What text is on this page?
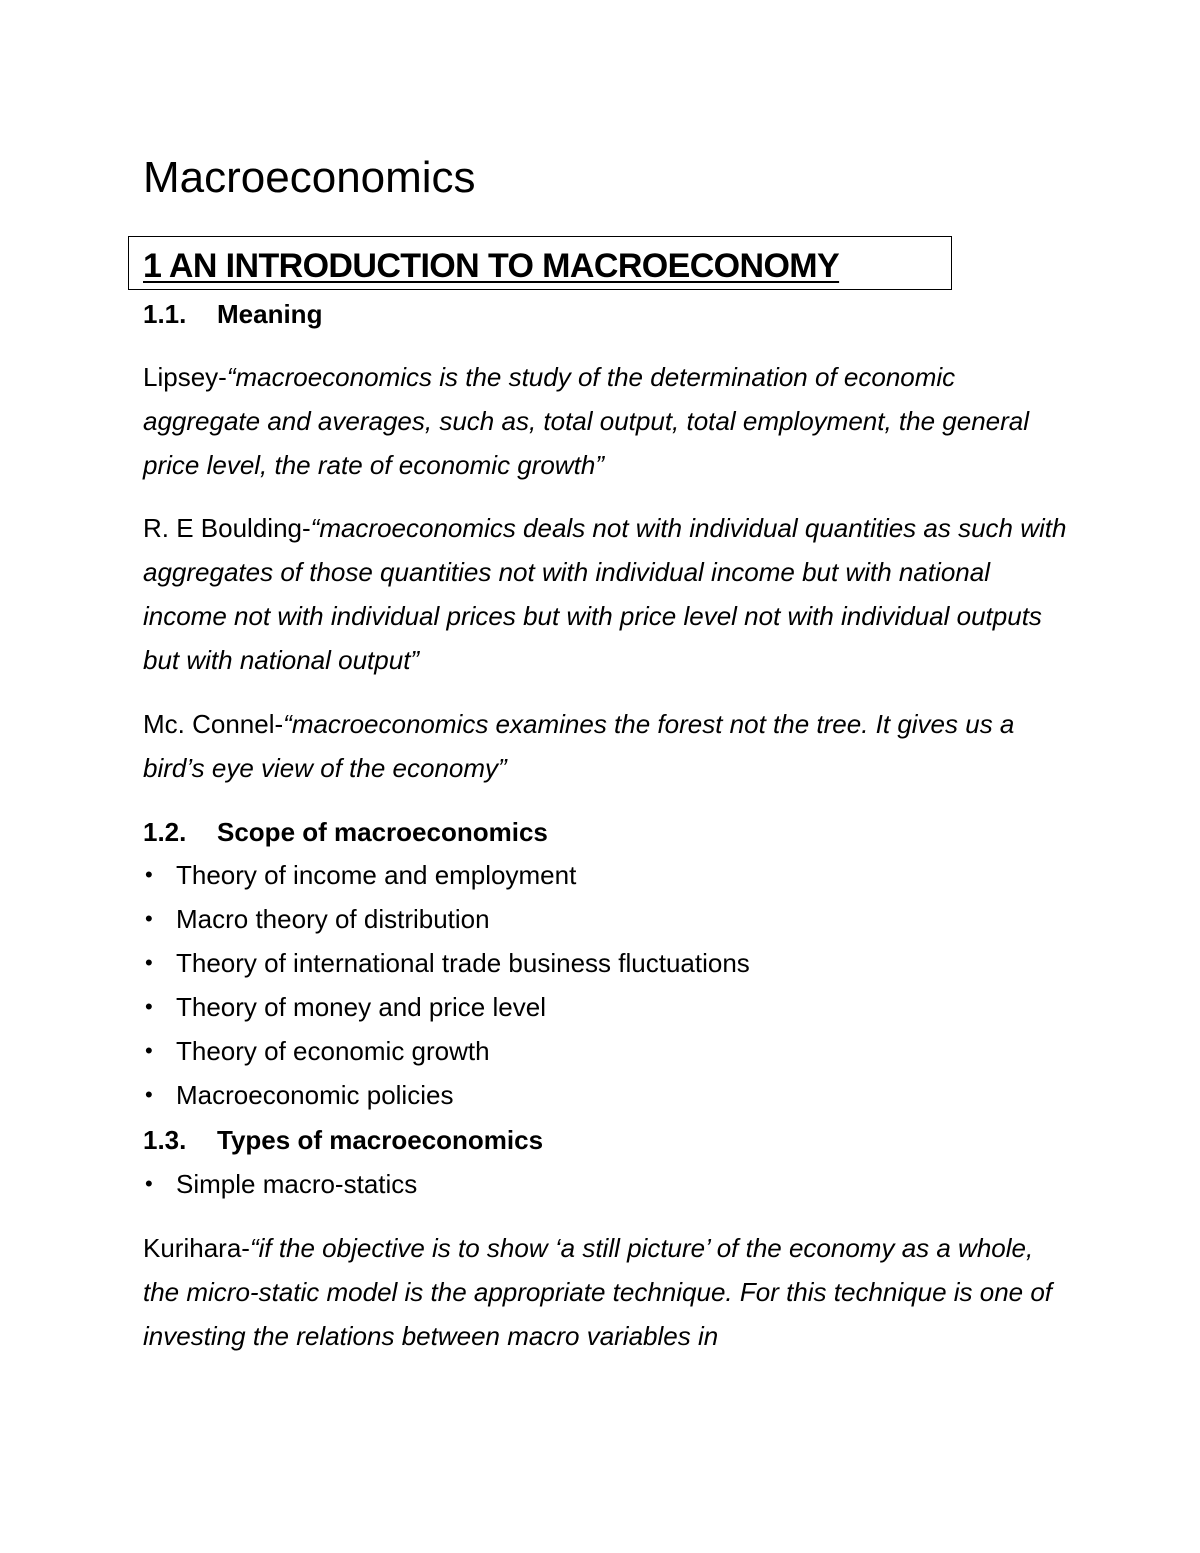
Macroeconomics
1 AN INTRODUCTION TO MACROECONOMY
1.1. Meaning

Lipsey-“macroeconomics is the study of the determination of economic aggregate and averages, such as, total output, total employment, the general price level, the rate of economic growth”

R. E Boulding-“macroeconomics deals not with individual quantities as such with aggregates of those quantities not with individual income but with national income not with individual prices but with price level not with individual outputs but with national output”

Mc. Connel-“macroeconomics examines the forest not the tree. It gives us a bird’s eye view of the economy”

1.2. Scope of macroeconomics
• Theory of income and employment
• Macro theory of distribution
• Theory of international trade business fluctuations
• Theory of money and price level
• Theory of economic growth
• Macroeconomic policies
1.3. Types of macroeconomics
• Simple macro-statics

Kurihara-“if the objective is to show ‘a still picture’ of the economy as a whole, the micro-static model is the appropriate technique. For this technique is one of investing the relations between macro variables in
